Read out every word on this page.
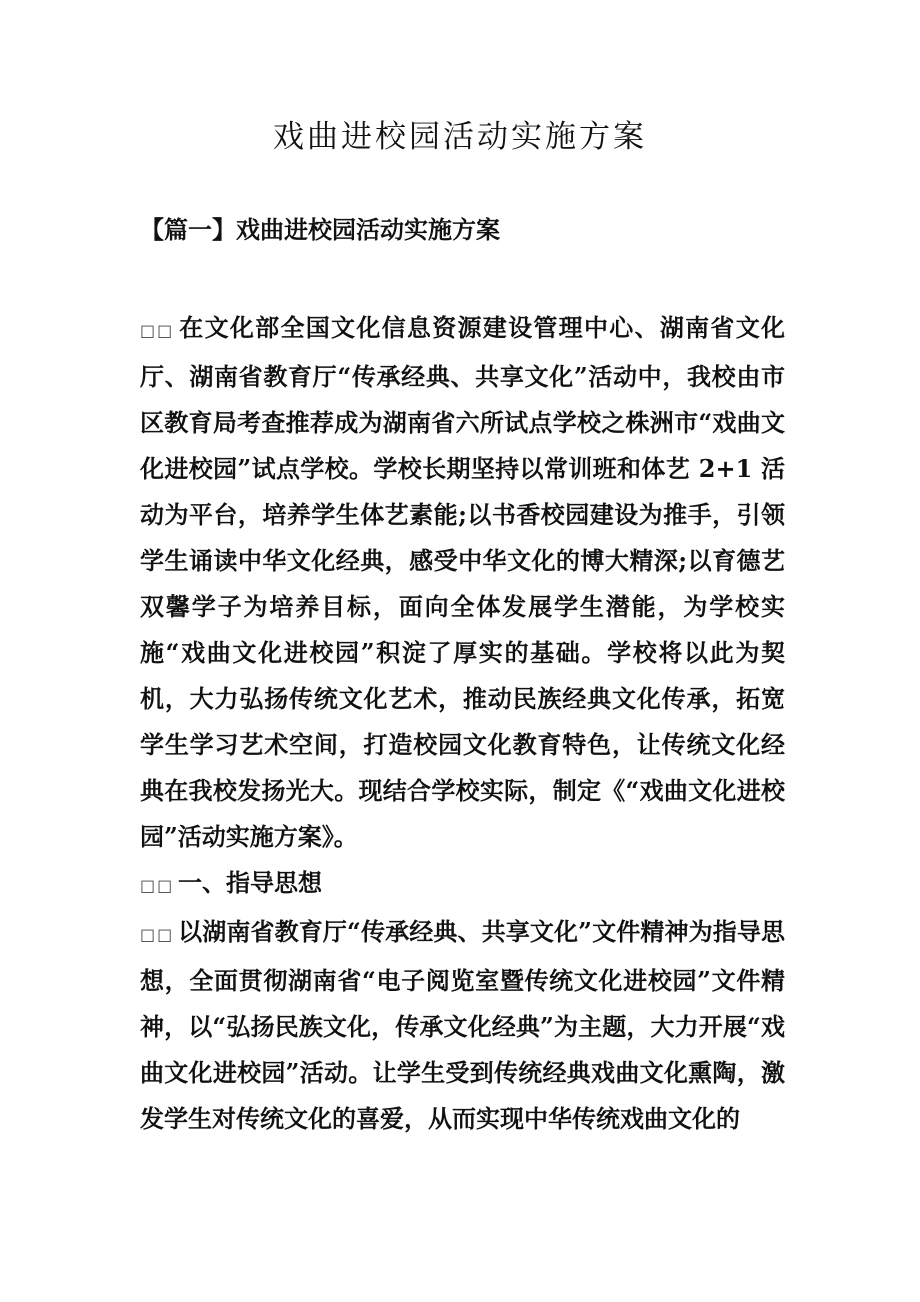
戏曲进校园活动实施方案
【篇一】戏曲进校园活动实施方案

□□在文化部全国文化信息资源建设管理中心、湖南省文化厅、湖南省教育厅“传承经典、共享文化”活动中，我校由市区教育局考查推荐成为湖南省六所试点学校之株洲市“戏曲文化进校园”试点学校。学校长期坚持以常训班和体艺 2+1 活动为平台，培养学生体艺素能;以书香校园建设为推手，引领学生诵读中华文化经典，感受中华文化的博大精深;以育德艺双馨学子为培养目标，面向全体发展学生潜能，为学校实施“戏曲文化进校园”积淀了厚实的基础。学校将以此为契机，大力弘扬传统文化艺术，推动民族经典文化传承，拓宽学生学习艺术空间，打造校园文化教育特色，让传统文化经典在我校发扬光大。现结合学校实际，制定《“戏曲文化进校园”活动实施方案》。

□□一、指导思想

□□以湖南省教育厅“传承经典、共享文化”文件精神为指导思想，全面贯彻湖南省“电子阅览室暨传统文化进校园”文件精神，以“弘扬民族文化，传承文化经典”为主题，大力开展“戏曲文化进校园”活动。让学生受到传统经典戏曲文化熏陶，激发学生对传统文化的喜爱，从而实现中华传统戏曲文化的
